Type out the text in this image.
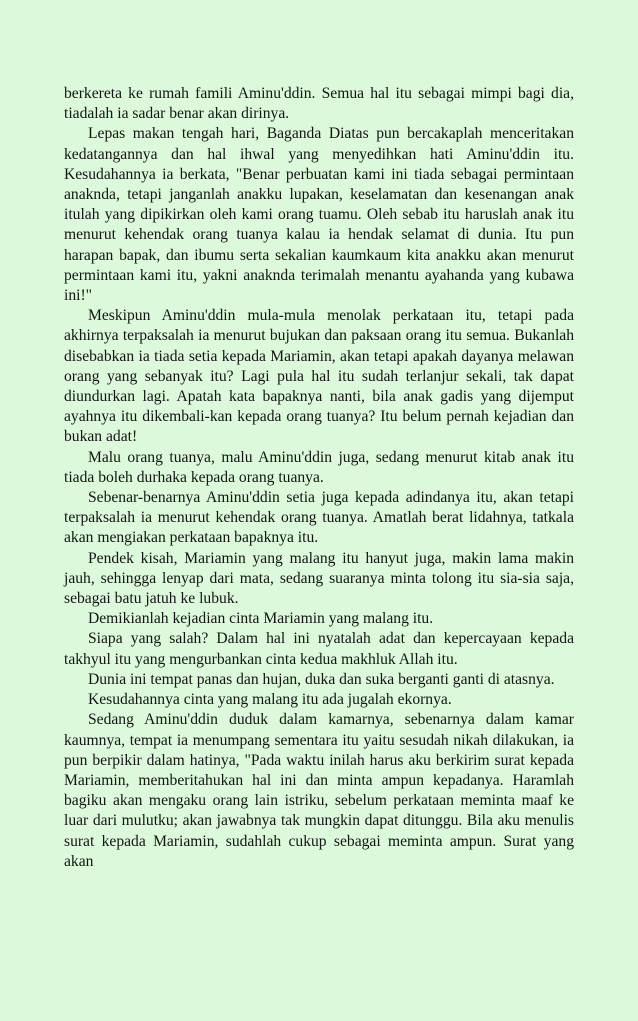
berkereta ke rumah famili Aminu'ddin. Semua hal itu sebagai mimpi bagi dia, tiadalah ia sadar benar akan dirinya.

Lepas makan tengah hari, Baganda Diatas pun bercakaplah menceritakan kedatangannya dan hal ihwal yang menyedihkan hati Aminu'ddin itu. Kesudahannya ia berkata, "Benar perbuatan kami ini tiada sebagai permintaan anaknda, tetapi janganlah anakku lupakan, keselamatan dan kesenangan anak itulah yang dipikirkan oleh kami orang tuamu. Oleh sebab itu haruslah anak itu menurut kehendak orang tuanya kalau ia hendak selamat di dunia. Itu pun harapan bapak, dan ibumu serta sekalian kaumkaum kita anakku akan menurut permintaan kami itu, yakni anaknda terimalah menantu ayahanda yang kubawa ini!"

Meskipun Aminu'ddin mula-mula menolak perkataan itu, tetapi pada akhirnya terpaksalah ia menurut bujukan dan paksaan orang itu semua. Bukanlah disebabkan ia tiada setia kepada Mariamin, akan tetapi apakah dayanya melawan orang yang sebanyak itu? Lagi pula hal itu sudah terlanjur sekali, tak dapat diundurkan lagi. Apatah kata bapaknya nanti, bila anak gadis yang dijemput ayahnya itu dikembali-kan kepada orang tuanya? Itu belum pernah kejadian dan bukan adat!

Malu orang tuanya, malu Aminu'ddin juga, sedang menurut kitab anak itu tiada boleh durhaka kepada orang tuanya.

Sebenar-benarnya Aminu'ddin setia juga kepada adindanya itu, akan tetapi terpaksalah ia menurut kehendak orang tuanya. Amatlah berat lidahnya, tatkala akan mengiakan perkataan bapaknya itu.

Pendek kisah, Mariamin yang malang itu hanyut juga, makin lama makin jauh, sehingga lenyap dari mata, sedang suaranya minta tolong itu sia-sia saja, sebagai batu jatuh ke lubuk.

Demikianlah kejadian cinta Mariamin yang malang itu.

Siapa yang salah? Dalam hal ini nyatalah adat dan kepercayaan kepada takhyul itu yang mengurbankan cinta kedua makhluk Allah itu.

Dunia ini tempat panas dan hujan, duka dan suka berganti ganti di atasnya.

Kesudahannya cinta yang malang itu ada jugalah ekornya.

Sedang Aminu'ddin duduk dalam kamarnya, sebenarnya dalam kamar kaumnya, tempat ia menumpang sementara itu yaitu sesudah nikah dilakukan, ia pun berpikir dalam hatinya, "Pada waktu inilah harus aku berkirim surat kepada Mariamin, memberitahukan hal ini dan minta ampun kepadanya. Haramlah bagiku akan mengaku orang lain istriku, sebelum perkataan meminta maaf ke luar dari mulutku; akan jawabnya tak mungkin dapat ditunggu. Bila aku menulis surat kepada Mariamin, sudahlah cukup sebagai meminta ampun. Surat yang akan
